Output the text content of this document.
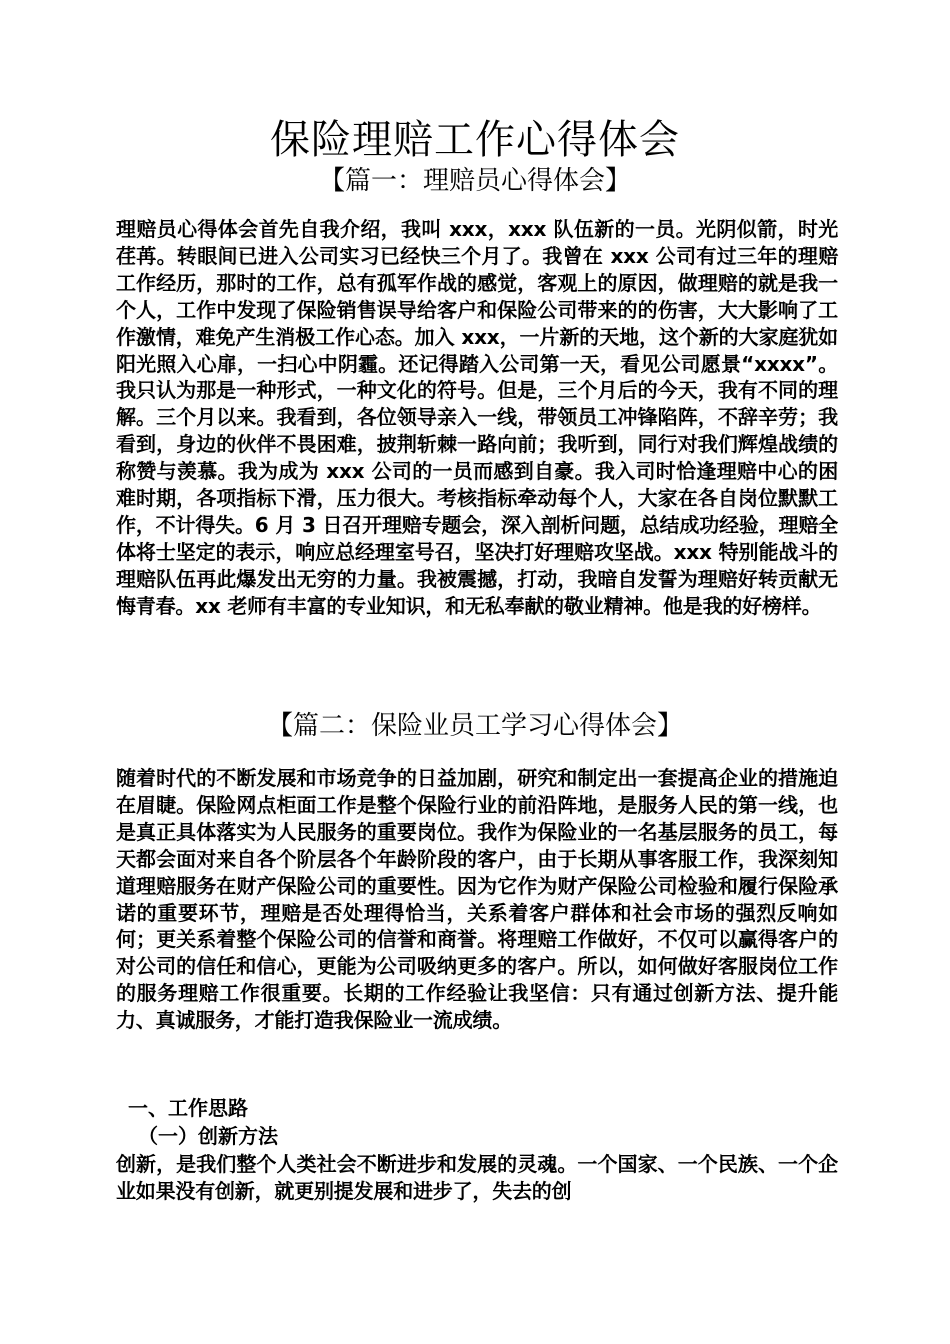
保险理赔工作心得体会
【篇一：理赔员心得体会】

理赔员心得体会首先自我介绍，我叫 xxx，xxx 队伍新的一员。光阴似箭，时光荏苒。转眼间已进入公司实习已经快三个月了。我曾在 xxx 公司有过三年的理赔工作经历，那时的工作，总有孤军作战的感觉，客观上的原因，做理赔的就是我一个人，工作中发现了保险销售误导给客户和保险公司带来的的伤害，大大影响了工作激情，难免产生消极工作心态。加入 xxx，一片新的天地，这个新的大家庭犹如阳光照入心扉，一扫心中阴霾。还记得踏入公司第一天，看见公司愿景“xxxx”。我只认为那是一种形式，一种文化的符号。但是，三个月后的今天，我有不同的理解。三个月以来。我看到，各位领导亲入一线，带领员工冲锋陷阵，不辞辛劳；我看到，身边的伙伴不畏困难，披荆斩棘一路向前；我听到，同行对我们辉煌战绩的称赞与羡慕。我为成为 xxx 公司的一员而感到自豪。我入司时恰逢理赔中心的困难时期，各项指标下滑，压力很大。考核指标牵动每个人，大家在各自岗位默默工作，不计得失。6 月 3 日召开理赔专题会，深入剖析问题，总结成功经验，理赔全体将士坚定的表示，响应总经理室号召，坚决打好理赔攻坚战。xxx 特别能战斗的理赔队伍再此爆发出无穷的力量。我被震撼，打动，我暗自发誓为理赔好转贡献无悔青春。xx 老师有丰富的专业知识，和无私奉献的敬业精神。他是我的好榜样。

【篇二：保险业员工学习心得体会】

随着时代的不断发展和市场竞争的日益加剧，研究和制定出一套提高企业的措施迫在眉睫。保险网点柜面工作是整个保险行业的前沿阵地，是服务人民的第一线，也是真正具体落实为人民服务的重要岗位。我作为保险业的一名基层服务的员工，每天都会面对来自各个阶层各个年龄阶段的客户，由于长期从事客服工作，我深刻知道理赔服务在财产保险公司的重要性。因为它作为财产保险公司检验和履行保险承诺的重要环节，理赔是否处理得恰当，关系着客户群体和社会市场的强烈反响如何；更关系着整个保险公司的信誉和商誉。将理赔工作做好，不仅可以赢得客户的对公司的信任和信心，更能为公司吸纳更多的客户。所以，如何做好客服岗位工作的服务理赔工作很重要。长期的工作经验让我坚信：只有通过创新方法、提升能力、真诚服务，才能打造我保险业一流成绩。

一、工作思路
（一）创新方法

创新，是我们整个人类社会不断进步和发展的灵魂。一个国家、一个民族、一个企业如果没有创新，就更别提发展和进步了，失去的创
